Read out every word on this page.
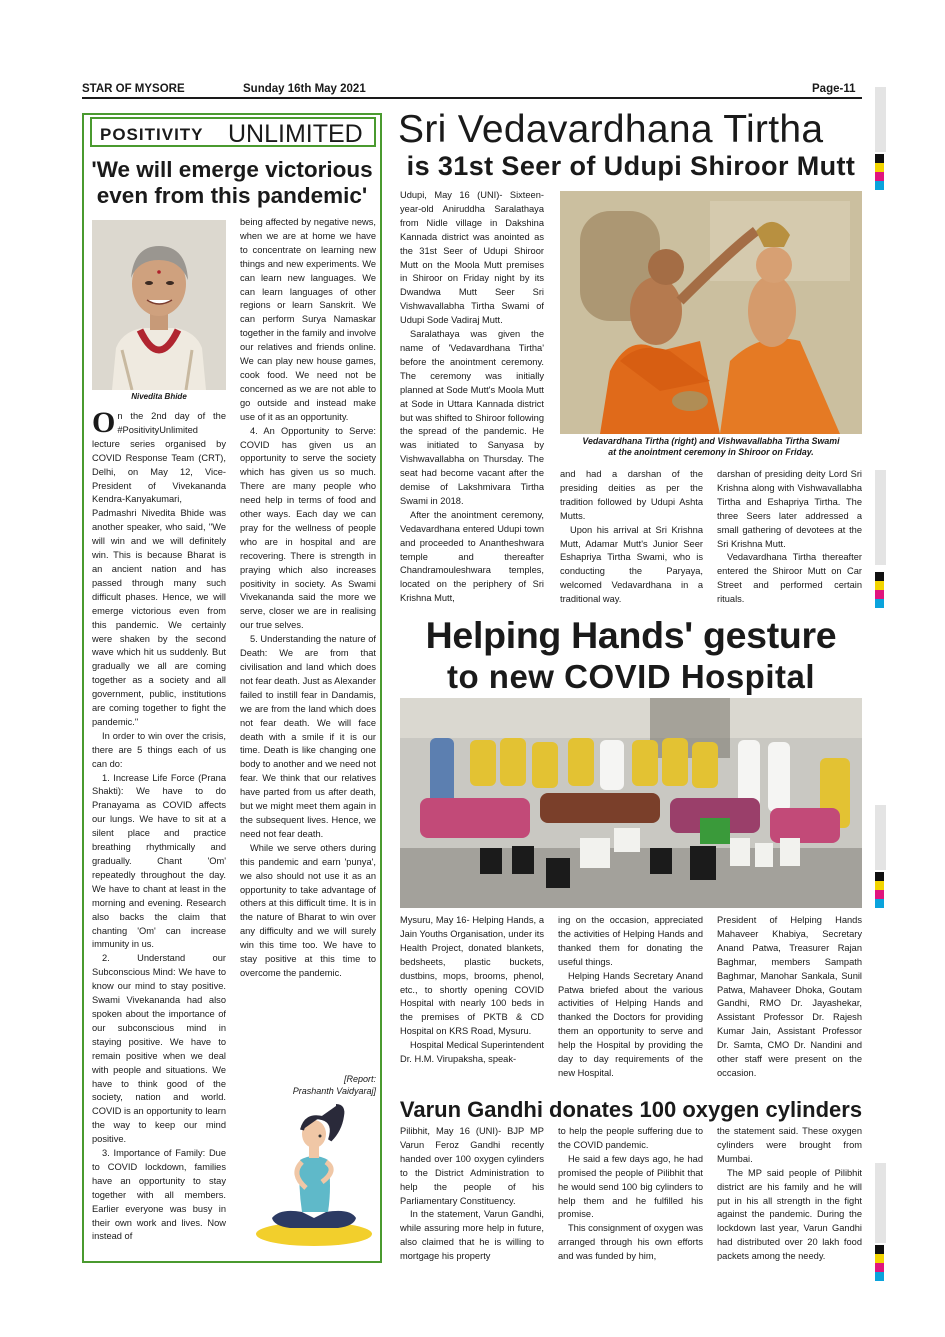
STAR OF MYSORE	Sunday 16th May 2021	Page-11
POSITIVITY UNLIMITED
'We will emerge victorious even from this pandemic'
Nivedita Bhide

On the 2nd day of the #PositivityUnlimited lecture series organised by COVID Response Team (CRT), Delhi, on May 12, Vice-President of Vivekananda Kendra-Kanyakumari, Padmashri Nivedita Bhide was another speaker, who said, "We will win and we will definitely win. This is because Bharat is an ancient nation and has passed through many such difficult phases. Hence, we will emerge victorious even from this pandemic. We certainly were shaken by the second wave which hit us suddenly. But gradually we all are coming together as a society and all government, public, institutions are coming together to fight the pandemic."

In order to win over the crisis, there are 5 things each of us can do:

1. Increase Life Force (Prana Shakti): We have to do Pranayama as COVID affects our lungs. We have to sit at a silent place and practice breathing rhythmically and gradually. Chant 'Om' repeatedly throughout the day. We have to chant at least in the morning and evening. Research also backs the claim that chanting 'Om' can increase immunity in us.

2. Understand our Subconscious Mind: We have to know our mind to stay positive. Swami Vivekananda had also spoken about the importance of our subconscious mind in staying positive. We have to remain positive when we deal with people and situations. We have to think good of the society, nation and world. COVID is an opportunity to learn the way to keep our mind positive.

3. Importance of Family: Due to COVID lockdown, families have an opportunity to stay together with all members. Earlier everyone was busy in their own work and lives. Now instead of

being affected by negative news, when we are at home we have to concentrate on learning new things and new experiments. We can learn new languages. We can learn languages of other regions or learn Sanskrit. We can perform Surya Namaskar together in the family and involve our relatives and friends online. We can play new house games, cook food. We need not be concerned as we are not able to go outside and instead make use of it as an opportunity.

4. An Opportunity to Serve: COVID has given us an opportunity to serve the society which has given us so much. There are many people who need help in terms of food and other ways. Each day we can pray for the wellness of people who are in hospital and are recovering. There is strength in praying which also increases positivity in society. As Swami Vivekananda said the more we serve, closer we are in realising our true selves.

5. Understanding the nature of Death: We are from that civilisation and land which does not fear death. Just as Alexander failed to instill fear in Dandamis, we are from the land which does not fear death. We will face death with a smile if it is our time. Death is like changing one body to another and we need not fear. We think that our relatives have parted from us after death, but we might meet them again in the subsequent lives. Hence, we need not fear death.

While we serve others during this pandemic and earn 'punya', we also should not use it as an opportunity to take advantage of others at this difficult time. It is in the nature of Bharat to win over any difficulty and we will surely win this time too. We have to stay positive at this time to overcome the pandemic.

[Report:
Prashanth Vaidyaraj]
Sri Vedavardhana Tirtha
is 31st Seer of Udupi Shiroor Mutt

Udupi, May 16 (UNI)- Sixteen-year-old Aniruddha Saralathaya from Nidle village in Dakshina Kannada district was anointed as the 31st Seer of Udupi Shiroor Mutt on the Moola Mutt premises in Shiroor on Friday night by its Dwandwa Mutt Seer Sri Vishwavallabha Tirtha Swami of Udupi Sode Vadiraj Mutt.

Saralathaya was given the name of 'Vedavardhana Tirtha' before the anointment ceremony. The ceremony was initially planned at Sode Mutt's Moola Mutt at Sode in Uttara Kannada district but was shifted to Shiroor following the spread of the pandemic. He was initiated to Sanyasa by Vishwavallabha on Thursday. The seat had become vacant after the demise of Lakshmivara Tirtha Swami in 2018.

After the anointment ceremony, Vedavardhana entered Udupi town and proceeded to Anantheshwara temple and thereafter Chandramouleshwara temples, located on the periphery of Sri Krishna Mutt,

Vedavardhana Tirtha (right) and Vishwavallabha Tirtha Swami
at the anointment ceremony in Shiroor on Friday.

and had a darshan of the presiding deities as per the tradition followed by Udupi Ashta Mutts.

Upon his arrival at Sri Krishna Mutt, Adamar Mutt's Junior Seer Eshapriya Tirtha Swami, who is conducting the Paryaya, welcomed Vedavardhana in a traditional way.

darshan of presiding deity Lord Sri Krishna along with Vishwavallabha Tirtha and Eshapriya Tirtha. The three Seers later addressed a small gathering of devotees at the Sri Krishna Mutt.

Vedavardhana Tirtha thereafter entered the Shiroor Mutt on Car Street and performed certain rituals.

Helping Hands' gesture
to new COVID Hospital

Mysuru, May 16- Helping Hands, a Jain Youths Organisation, under its Health Project, donated blankets, bedsheets, plastic buckets, dustbins, mops, brooms, phenol, etc., to shortly opening COVID Hospital with nearly 100 beds in the premises of PKTB & CD Hospital on KRS Road, Mysuru.

Hospital Medical Superintendent Dr. H.M. Virupaksha, speak-

ing on the occasion, appreciated the activities of Helping Hands and thanked them for donating the useful things.

Helping Hands Secretary Anand Patwa briefed about the various activities of Helping Hands and thanked the Doctors for providing them an opportunity to serve and help the Hospital by providing the day to day requirements of the new Hospital.

President of Helping Hands Mahaveer Khabiya, Secretary Anand Patwa, Treasurer Rajan Baghmar, members Sampath Baghmar, Manohar Sankala, Sunil Patwa, Mahaveer Dhoka, Goutam Gandhi, RMO Dr. Jayashekar, Assistant Professor Dr. Rajesh Kumar Jain, Assistant Professor Dr. Samta, CMO Dr. Nandini and other staff were present on the occasion.

Varun Gandhi donates 100 oxygen cylinders

Pilibhit, May 16 (UNI)- BJP MP Varun Feroz Gandhi recently handed over 100 oxygen cylinders to the District Administration to help the people of his Parliamentary Constituency.

In the statement, Varun Gandhi, while assuring more help in future, also claimed that he is willing to mortgage his property

to help the people suffering due to the COVID pandemic.

He said a few days ago, he had promised the people of Pilibhit that he would send 100 big cylinders to help them and he fulfilled his promise.

This consignment of oxygen was arranged through his own efforts and was funded by him,

the statement said. These oxygen cylinders were brought from Mumbai.

The MP said people of Pilibhit district are his family and he will put in his all strength in the fight against the pandemic. During the lockdown last year, Varun Gandhi had distributed over 20 lakh food packets among the needy.
